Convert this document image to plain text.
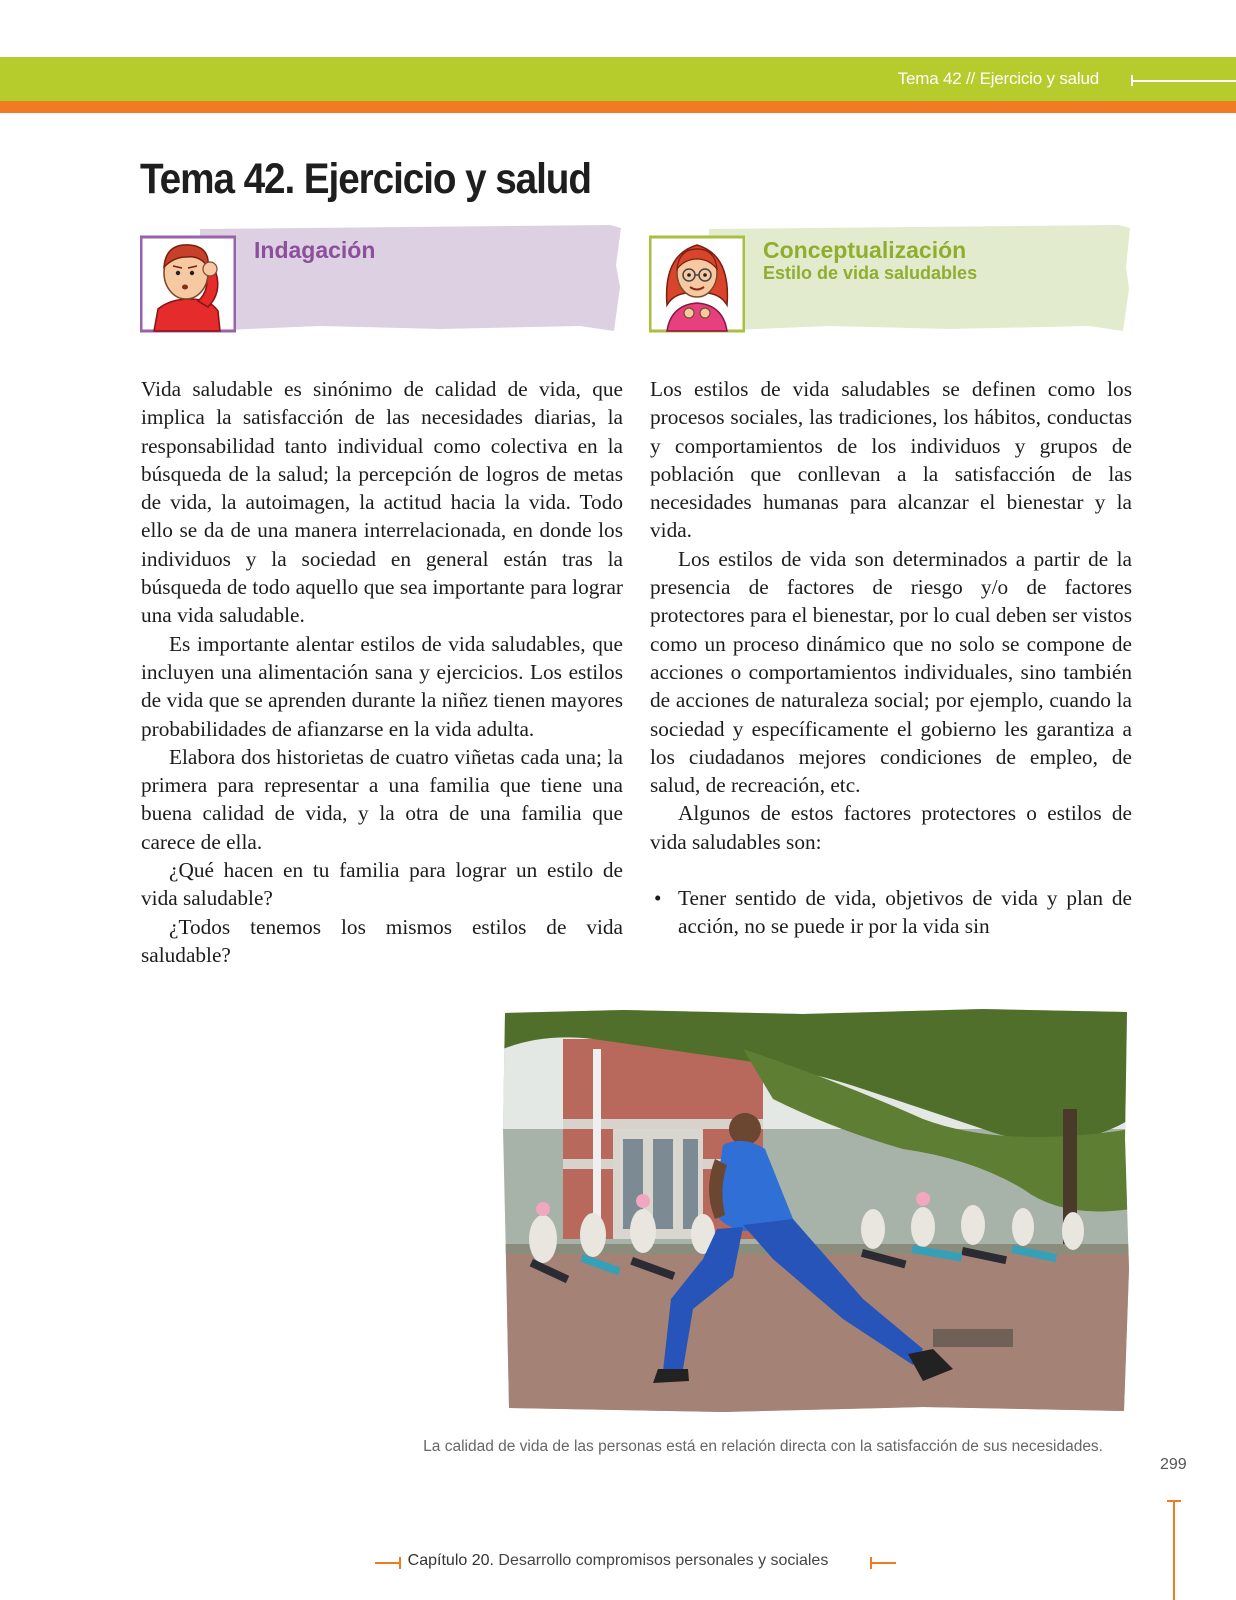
Tema 42 // Ejercicio y salud
Tema 42. Ejercicio y salud
Indagación	Conceptualización
Estilo de vida saludables

Vida saludable es sinónimo de calidad de vida, que implica la satisfacción de las necesidades diarias, la responsabilidad tanto individual como colectiva en la búsqueda de la salud; la percepción de logros de metas de vida, la autoimagen, la actitud hacia la vida. Todo ello se da de una manera interrelacionada, en donde los individuos y la sociedad en general están tras la búsqueda de todo aquello que sea importante para lograr una vida saludable.

Es importante alentar estilos de vida saludables, que incluyen una alimentación sana y ejercicios. Los estilos de vida que se aprenden durante la niñez tienen mayores probabilidades de afianzarse en la vida adulta.

Elabora dos historietas de cuatro viñetas cada una; la primera para representar a una familia que tiene una buena calidad de vida, y la otra de una familia que carece de ella.

¿Qué hacen en tu familia para lograr un estilo de vida saludable?

¿Todos tenemos los mismos estilos de vida saludable?

Los estilos de vida saludables se definen como los procesos sociales, las tradiciones, los hábitos, conductas y comportamientos de los individuos y grupos de población que conllevan a la satisfacción de las necesidades humanas para alcanzar el bienestar y la vida.

Los estilos de vida son determinados a partir de la presencia de factores de riesgo y/o de factores protectores para el bienestar, por lo cual deben ser vistos como un proceso dinámico que no solo se compone de acciones o comportamientos individuales, sino también de acciones de naturaleza social; por ejemplo, cuando la sociedad y específicamente el gobierno les garantiza a los ciudadanos mejores condiciones de empleo, de salud, de recreación, etc.

Algunos de estos factores protectores o estilos de vida saludables son:

• Tener sentido de vida, objetivos de vida y plan de acción, no se puede ir por la vida sin
La calidad de vida de las personas está en relación directa con la satisfacción de sus necesidades.
299
Capítulo 20. Desarrollo compromisos personales y sociales
